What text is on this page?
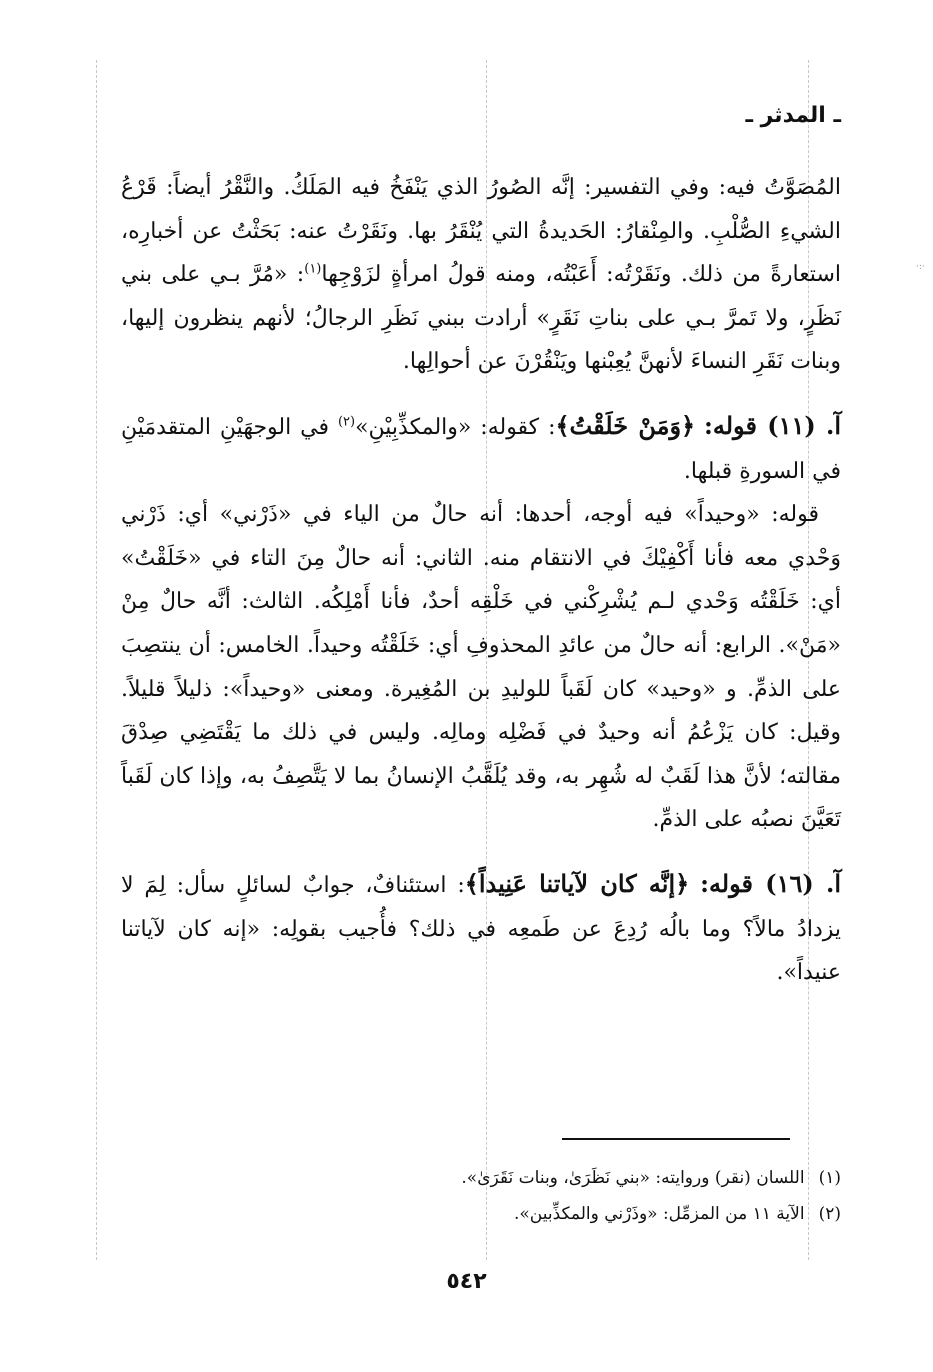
·:·
ـ المدثر ـ

المُصَوَّتُ فيه: وفي التفسير: إنَّه الصُورُ الذي يَنْفَخُ فيه المَلَكُ. والنَّقْرُ أيضاً: قَرْعُ الشيءِ الصُّلْبِ. والمِنْقارُ: الحَديدةُ التي يُنْقَرُ بها. ونَقَرْتُ عنه: بَحَثْتُ عن أخبارِه، استعارةً من ذلك. ونَقَرْتُه: أَعَبْتُه، ومنه قولُ امرأةٍ لزَوْجِها$^{(١)}$: «مُرَّ بـي على بني نَظَرٍ، ولا تَمرَّ بـي على بناتِ نَقَرٍ» أرادت ببني نَظَرِ الرجالُ؛ لأنهم ينظرون إليها، وبنات نَقَرِ النساءَ لأنهنَّ يُعِبْنها ويَنْقُرْنَ عن أحوالِها.

آ. (١١) قوله: ﴿وَمَنْ خَلَقْتُ﴾: كقوله: «والمكذِّبِيْنِ»$^{(٢)}$ في الوجهَيْنِ المتقدمَيْنِ في السورةِ قبلها.

قوله: «وحيداً» فيه أوجه، أحدها: أنه حالٌ من الياء في «ذَرْني» أي: ذَرْني وَحْدي معه فأنا أَكْفِيْكَ في الانتقام منه. الثاني: أنه حالٌ مِنَ التاء في «خَلَقْتُ» أي: خَلَقْتُه وَحْدي لـم يُشْرِكْني في خَلْقِه أحدٌ، فأنا أَمْلِكُه. الثالث: أنَّه حالٌ مِنْ «مَنْ». الرابع: أنه حالٌ من عائدِ المحذوفِ أي: خَلَقْتُه وحيداً. الخامس: أن ينتصِبَ على الذمِّ. و «وحيد» كان لَقَباً للوليدِ بن المُغِيرة. ومعنى «وحيداً»: ذليلاً قليلاً. وقيل: كان يَزْعُمُ أنه وحيدٌ في فَضْلِه ومالِه. وليس في ذلك ما يَقْتَضِي صِدْقَ مقالته؛ لأنَّ هذا لَقَبٌ له شُهِر به، وقد يُلَقَّبُ الإنسانُ بما لا يَتَّصِفُ به، وإذا كان لَقَباً تَعَيَّنَ نصبُه على الذمِّ.

آ. (١٦) قوله: ﴿إنَّه كان لآياتنا عَنِيداً﴾: استئنافٌ، جوابٌ لسائلٍ سأل: لِمَ لا يزدادُ مالاً؟ وما بالُه رُدِعَ عن طَمعِه في ذلك؟ فأُجيب بقولِه: «إنه كان لآياتنا عنيداً».

(١)اللسان (نقر) وروايته: «بني نَظَرَىٰ، وبنات نَقَرَىٰ».

(٢)الآية ١١ من المزمِّل: «وذَرْني والمكذِّبين».

٥٤٢
